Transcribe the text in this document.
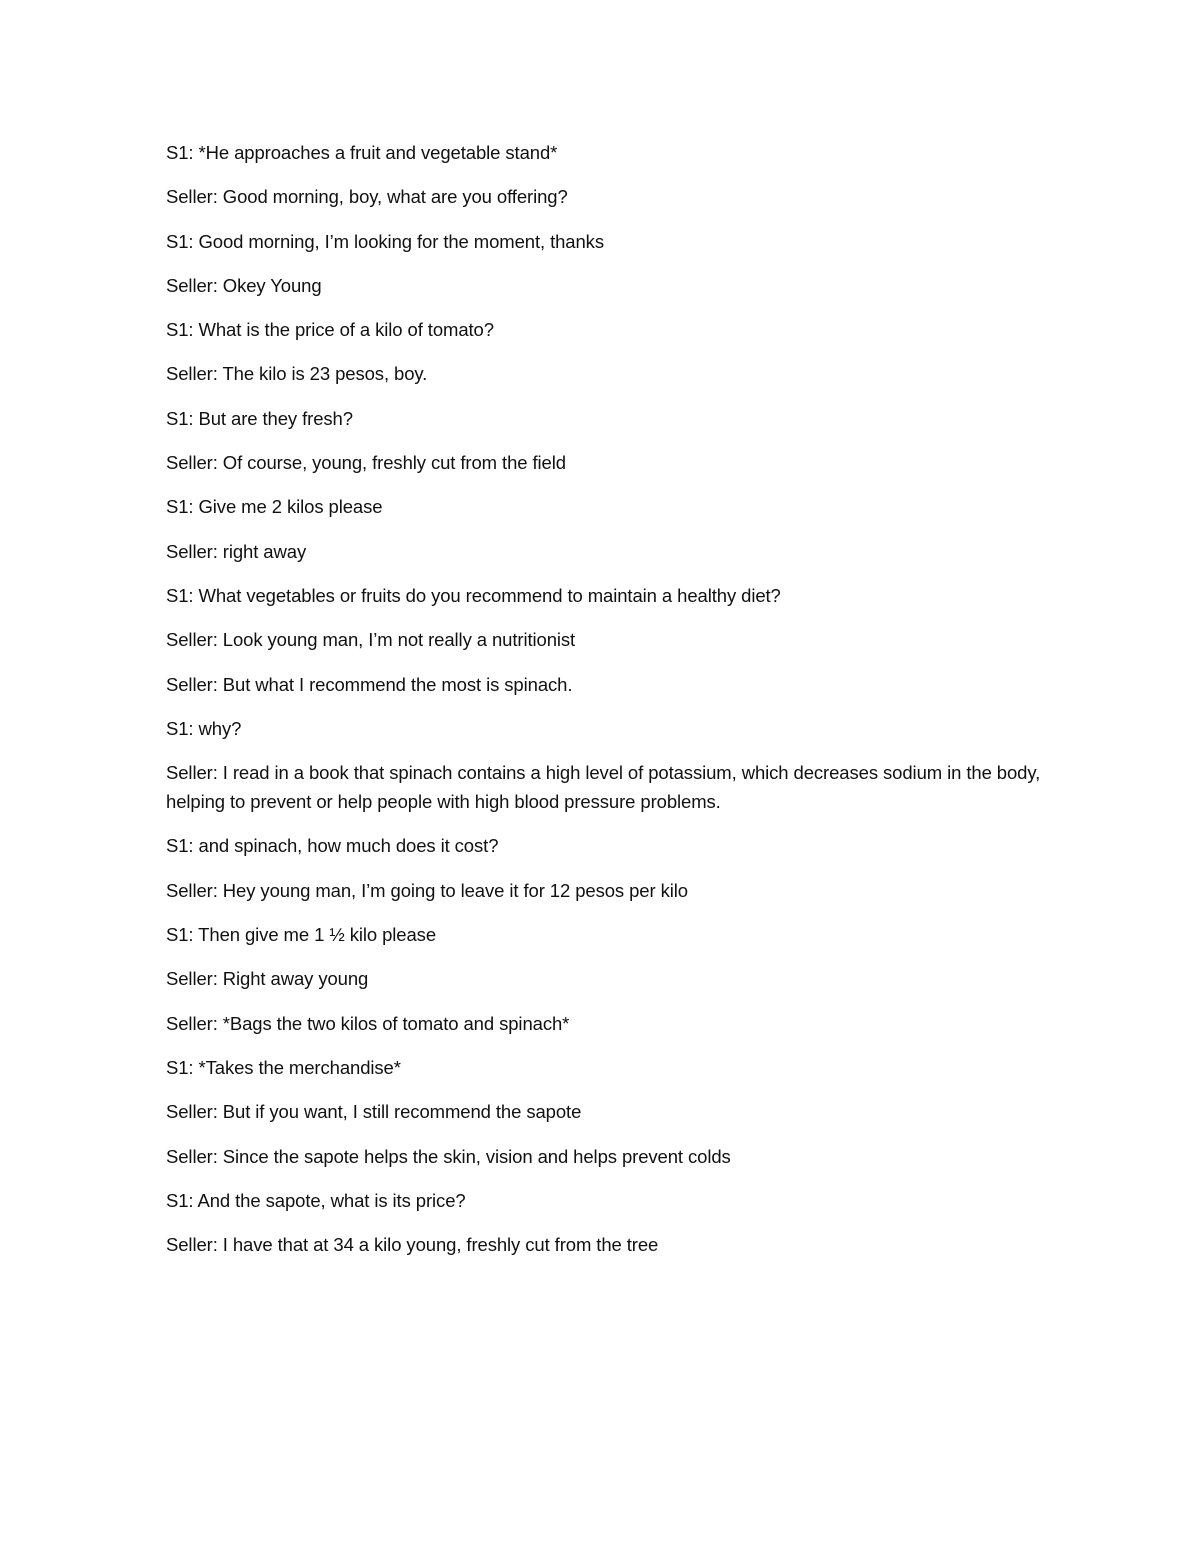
S1: *He approaches a fruit and vegetable stand*

Seller: Good morning, boy, what are you offering?

S1: Good morning, I’m looking for the moment, thanks

Seller: Okey Young

S1: What is the price of a kilo of tomato?

Seller: The kilo is 23 pesos, boy.

S1: But are they fresh?

Seller: Of course, young, freshly cut from the field

S1: Give me 2 kilos please

Seller: right away

S1: What vegetables or fruits do you recommend to maintain a healthy diet?

Seller: Look young man, I’m not really a nutritionist

Seller: But what I recommend the most is spinach.

S1: why?

Seller: I read in a book that spinach contains a high level of potassium, which decreases sodium in the body, helping to prevent or help people with high blood pressure problems.

S1: and spinach, how much does it cost?

Seller: Hey young man, I’m going to leave it for 12 pesos per kilo

S1: Then give me 1 ½ kilo please

Seller: Right away young

Seller: *Bags the two kilos of tomato and spinach*

S1: *Takes the merchandise*

Seller: But if you want, I still recommend the sapote

Seller: Since the sapote helps the skin, vision and helps prevent colds

S1: And the sapote, what is its price?

Seller: I have that at 34 a kilo young, freshly cut from the tree
